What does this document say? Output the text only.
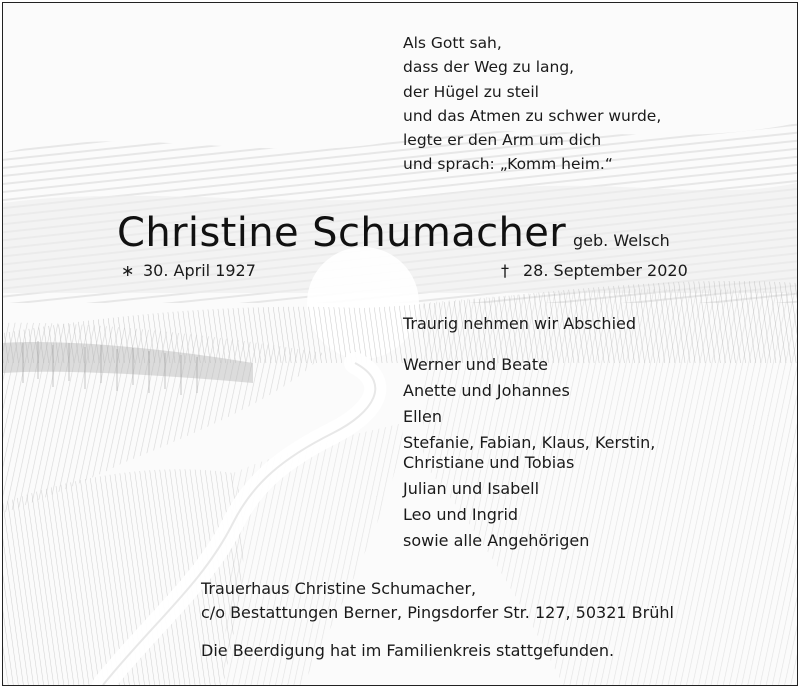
Als Gott sah,
dass der Weg zu lang,
der Hügel zu steil
und das Atmen zu schwer wurde,
legte er den Arm um dich
und sprach: „Komm heim.“
Christine Schumacher geb. Welsch
∗ 30. April 1927	† 28. September 2020
Traurig nehmen wir Abschied
Werner und Beate
Anette und Johannes
Ellen
Stefanie, Fabian, Klaus, Kerstin,
Christiane und Tobias
Julian und Isabell
Leo und Ingrid
sowie alle Angehörigen
Trauerhaus Christine Schumacher,
c/o Bestattungen Berner, Pingsdorfer Str. 127, 50321 Brühl
Die Beerdigung hat im Familienkreis stattgefunden.
